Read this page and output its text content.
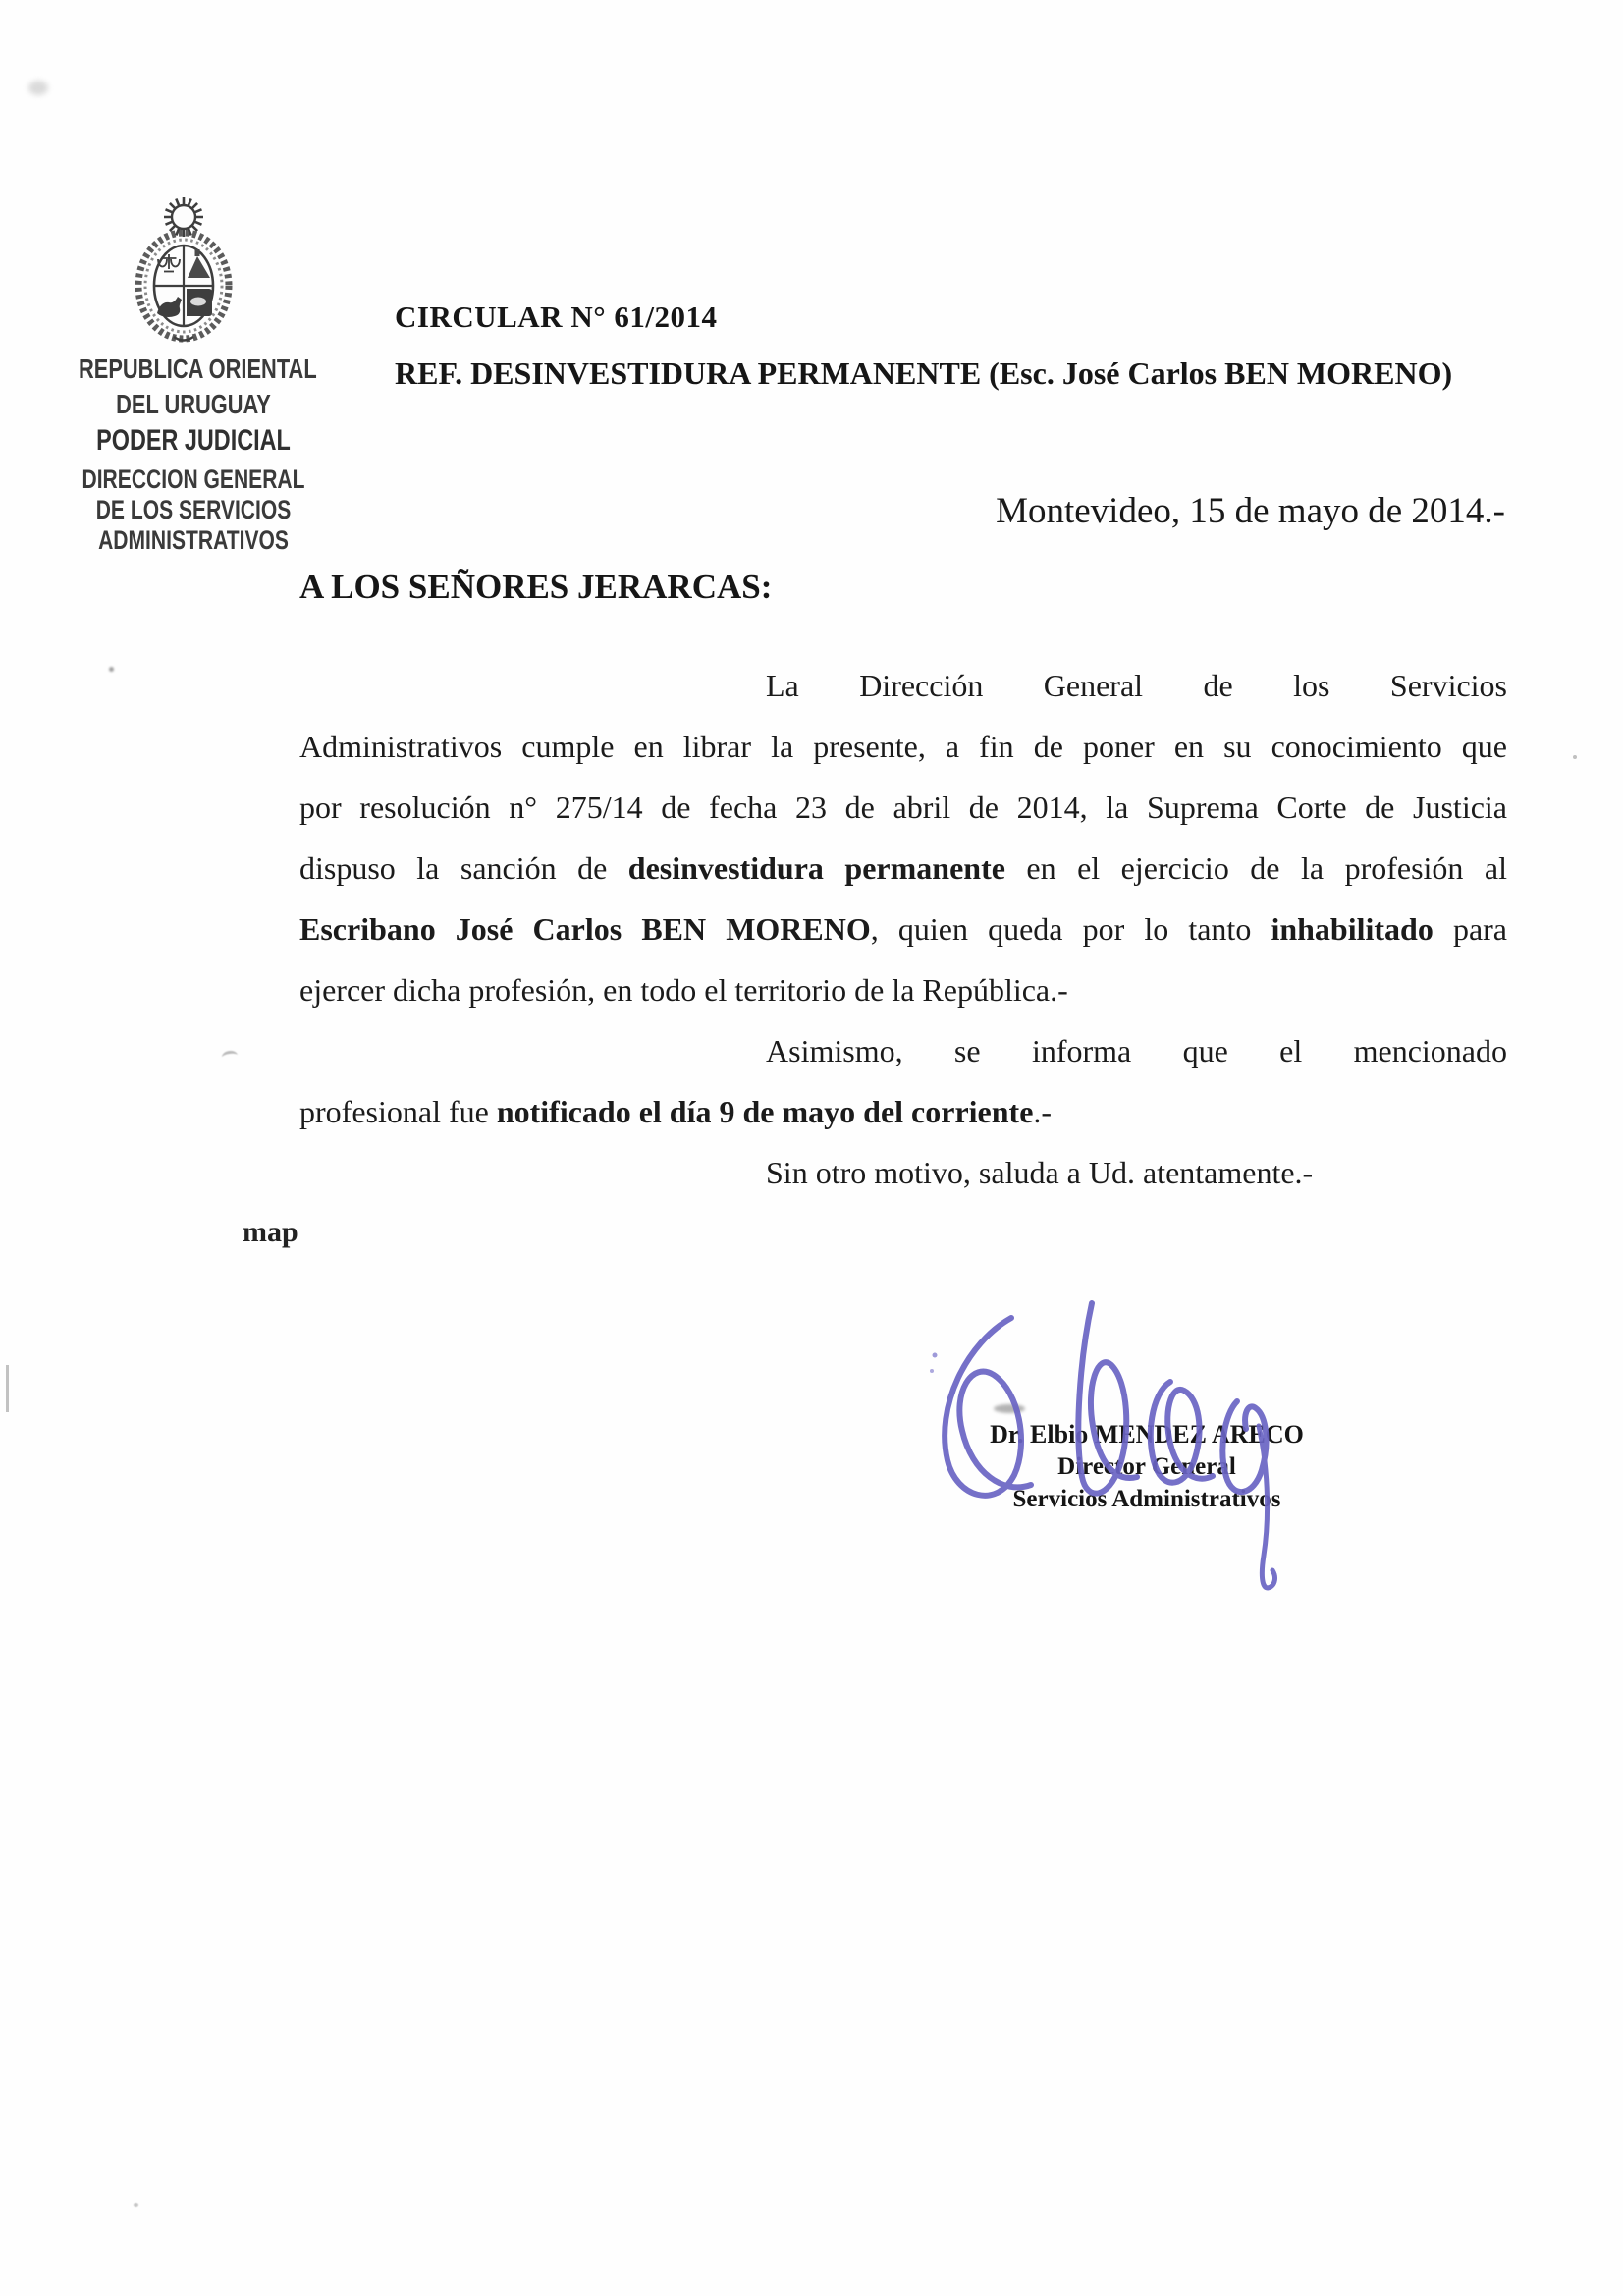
REPUBLICA ORIENTAL
DEL URUGUAY
PODER JUDICIAL
DIRECCION GENERAL
DE LOS SERVICIOS
ADMINISTRATIVOS
CIRCULAR N° 61/2014
REF. DESINVESTIDURA PERMANENTE (Esc. José Carlos BEN MORENO)
Montevideo, 15 de mayo de 2014.-
A LOS SEÑORES JERARCAS:
La Dirección General de los Servicios
Administrativos cumple en librar la presente, a fin de poner en su conocimiento que
por resolución n° 275/14 de fecha 23 de abril de 2014, la Suprema Corte de Justicia
dispuso la sanción de desinvestidura permanente en el ejercicio de la profesión al
Escribano José Carlos BEN MORENO, quien queda por lo tanto inhabilitado para
ejercer dicha profesión, en todo el territorio de la República.-
Asimismo, se informa que el mencionado
profesional fue notificado el día 9 de mayo del corriente.-
Sin otro motivo, saluda a Ud. atentamente.-
map
Dr. Elbio MENDEZ ARECO
Director General
Servicios Administrativos
